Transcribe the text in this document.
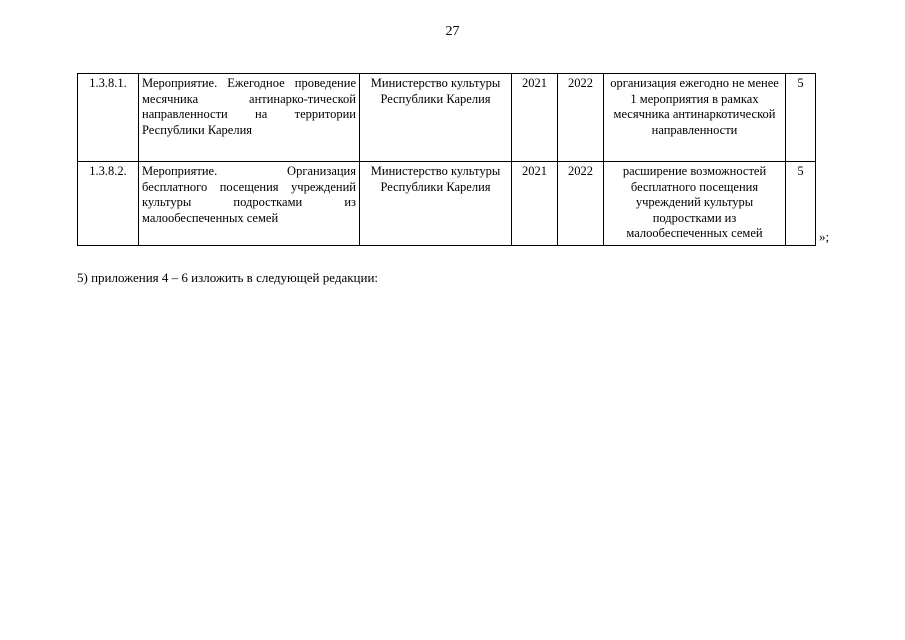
27
1.3.8.1.	Мероприятие. Ежегодное проведение месячника антинарко-тической направленности на территории Республики Карелия	Министерство культуры Республики Карелия	2021	2022	организация ежегодно не менее 1 мероприятия в рамках месячника антинаркотической направленности	5
1.3.8.2.	Мероприятие. Организация бесплатного посещения учреждений культуры подростками из малообеспеченных семей	Министерство культуры Республики Карелия	2021	2022	расширение возможностей бесплатного посещения учреждений культуры подростками из малообеспеченных семей	5
»;
5) приложения 4 – 6 изложить в следующей редакции:
